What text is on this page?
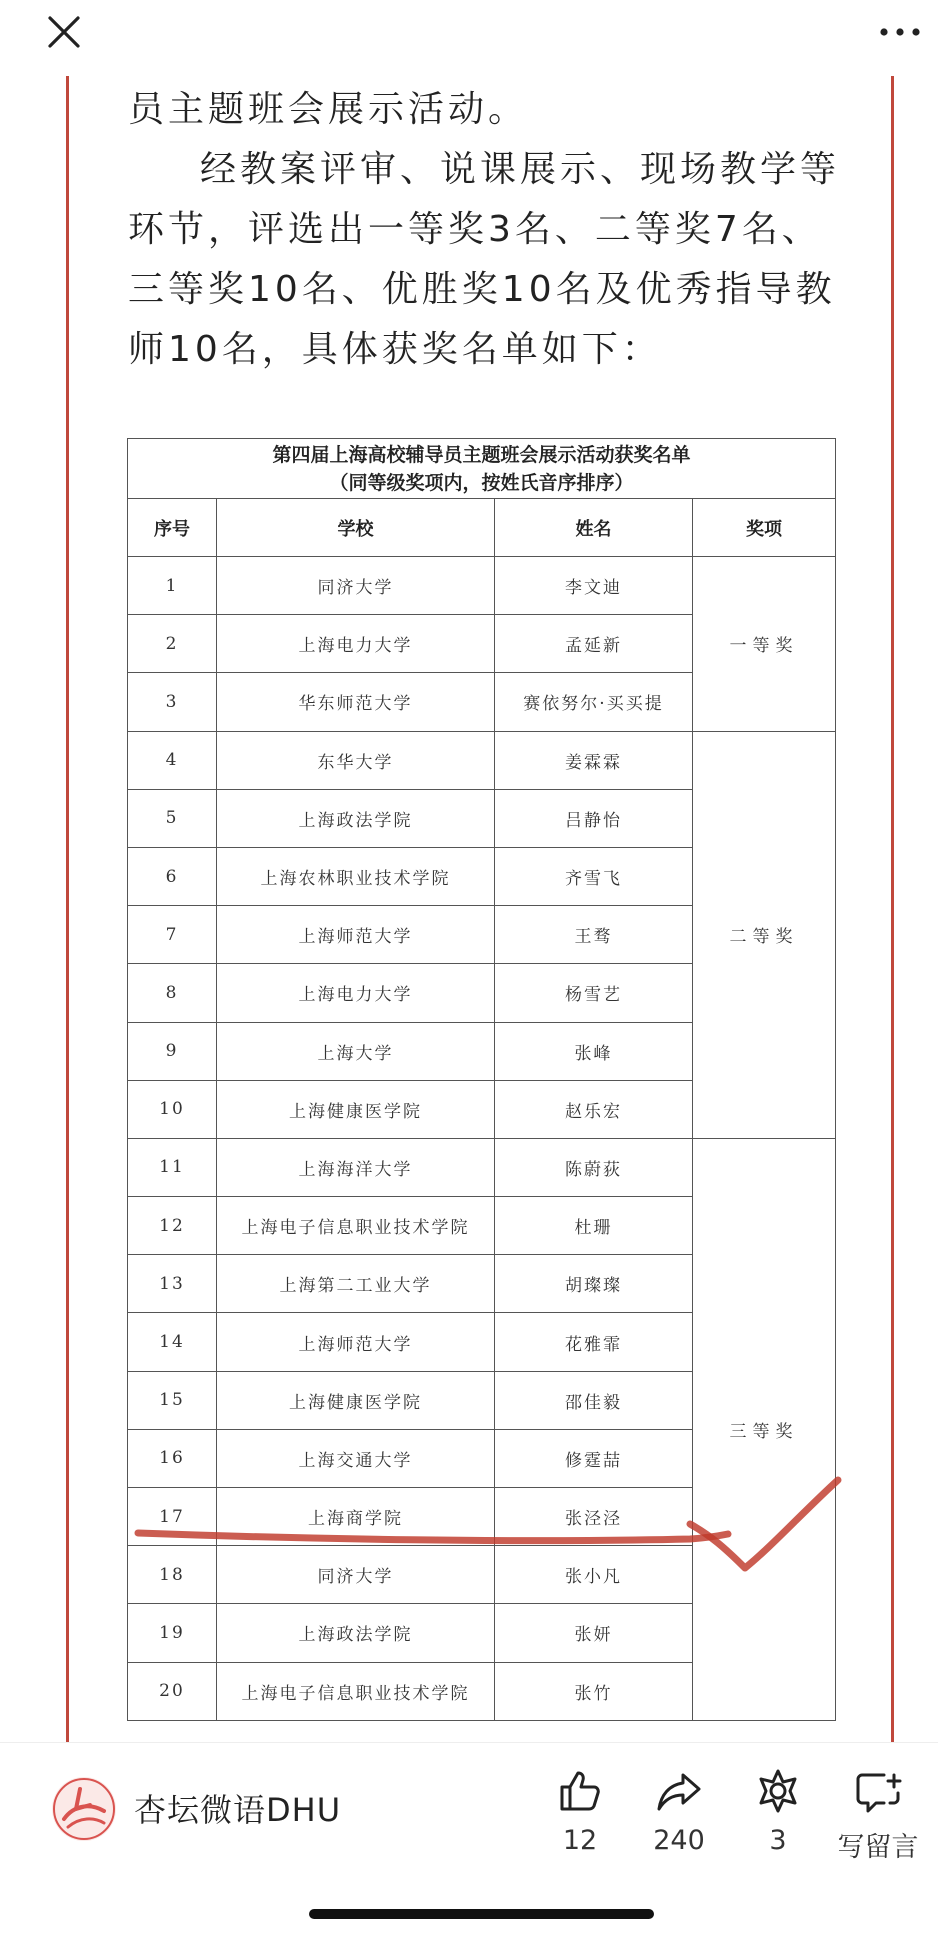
员主题班会展示活动。
经教案评审、说课展示、现场教学等环节，评选出一等奖3名、二等奖7名、三等奖10名、优胜奖10名及优秀指导教师10名，具体获奖名单如下：
第四届上海高校辅导员主题班会展示活动获奖名单
（同等级奖项内，按姓氏音序排序）			

序号	学校	姓名	奖项
1	同济大学	李文迪	一等奖
2	上海电力大学	孟延新	
3	华东师范大学	赛依努尔·买买提	
4	东华大学	姜霖霖	二等奖
5	上海政法学院	吕静怡	
6	上海农林职业技术学院	齐雪飞	
7	上海师范大学	王骛	
8	上海电力大学	杨雪艺	
9	上海大学	张峰	
10	上海健康医学院	赵乐宏	
11	上海海洋大学	陈蔚荻	三等奖
12	上海电子信息职业技术学院	杜珊	
13	上海第二工业大学	胡璨璨	
14	上海师范大学	花雅霏	
15	上海健康医学院	邵佳毅	
16	上海交通大学	修霆喆	
17	上海商学院	张泾泾	
18	同济大学	张小凡	
19	上海政法学院	张妍	
20	上海电子信息职业技术学院	张竹	
杏坛微语DHU
12	240	3	写留言
